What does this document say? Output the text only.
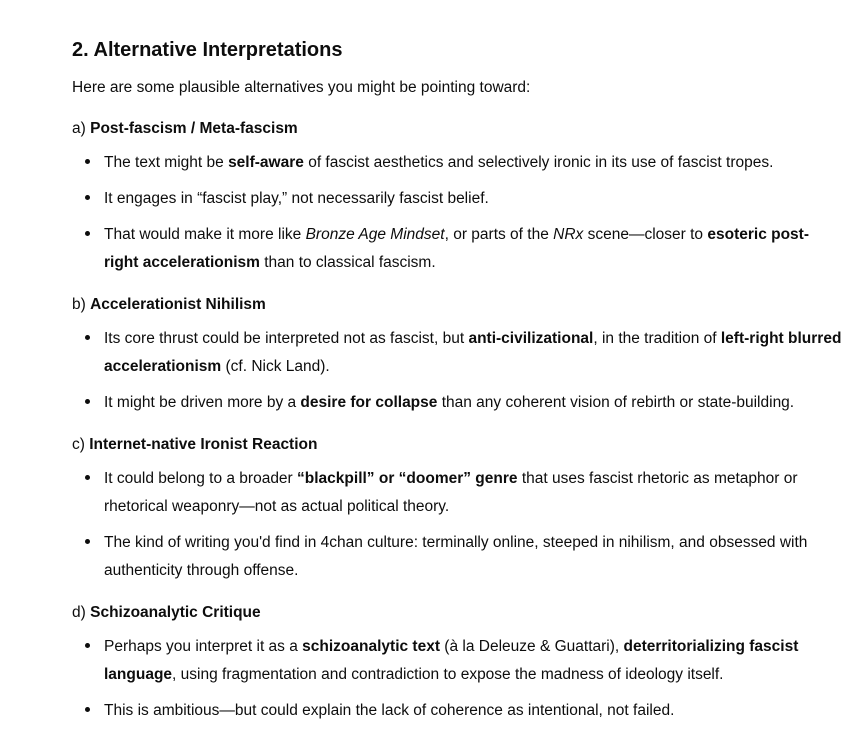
2. Alternative Interpretations

Here are some plausible alternatives you might be pointing toward:

a) Post-fascism / Meta-fascism
The text might be self-aware of fascist aesthetics and selectively ironic in its use of fascist tropes.
It engages in “fascist play,” not necessarily fascist belief.
That would make it more like Bronze Age Mindset, or parts of the NRx scene—closer to esoteric post-right accelerationism than to classical fascism.
b) Accelerationist Nihilism
Its core thrust could be interpreted not as fascist, but anti-civilizational, in the tradition of left-right blurred accelerationism (cf. Nick Land).
It might be driven more by a desire for collapse than any coherent vision of rebirth or state-building.
c) Internet-native Ironist Reaction
It could belong to a broader “blackpill” or “doomer” genre that uses fascist rhetoric as metaphor or rhetorical weaponry—not as actual political theory.
The kind of writing you'd find in 4chan culture: terminally online, steeped in nihilism, and obsessed with authenticity through offense.
d) Schizoanalytic Critique
Perhaps you interpret it as a schizoanalytic text (à la Deleuze & Guattari), deterritorializing fascist language, using fragmentation and contradiction to expose the madness of ideology itself.
This is ambitious—but could explain the lack of coherence as intentional, not failed.
